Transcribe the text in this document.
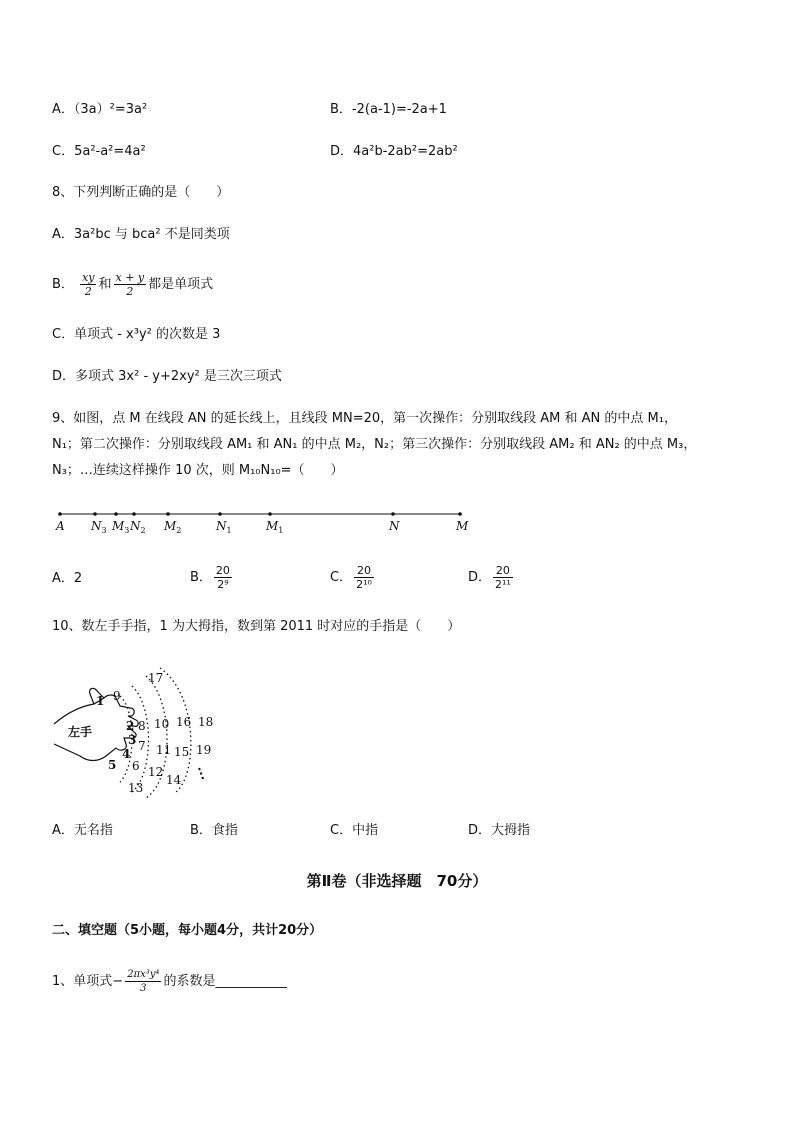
A．（3a）²=3a²	B．-2(a-1)=-2a+1
C．5a²-a²=4a²	D．4a²b-2ab²=2ab²
8、下列判断正确的是（　　）
A．3a²bc 与 bca² 不是同类项
B． $\frac{xy}{2}$ 和 $\frac{x + y}{2}$ 都是单项式
C．单项式 - x³y² 的次数是 3
D．多项式 3x² - y+2xy² 是三次三项式
9、如图，点 M 在线段 AN 的延长线上，且线段 MN=20，第一次操作：分别取线段 AM 和 AN 的中点 M₁，
N₁；第二次操作：分别取线段 AM₁ 和 AN₁ 的中点 M₂，N₂；第三次操作：分别取线段 AM₂ 和 AN₂ 的中点 M₃，
N₃；…连续这样操作 10 次，则 M₁₀N₁₀=（　　）
A $N_3$ $M_3$ $N_2$ $M_2$	$N_1$	$M_1$	N	M
A．2	B． $\frac{20}{\text{2⁹}}$	C． $\frac{20}{\text{2¹⁰}}$	D． $\frac{20}{\text{2¹¹}}$
10、数左手手指，1 为大拇指，数到第 2011 时对应的手指是（　　）
左手
1
2
3
4
5 6
7
8
9
10
11
12
13
14
15
16
17
18
19
⋮
A．无名指	B．食指	C．中指	D．大拇指
第Ⅱ卷（非选择题　70分）
二、填空题（5小题，每小题4分，共计20分）
1、单项式− $\frac{\text{2πx³y⁴}}{3}$ 的系数是___________
